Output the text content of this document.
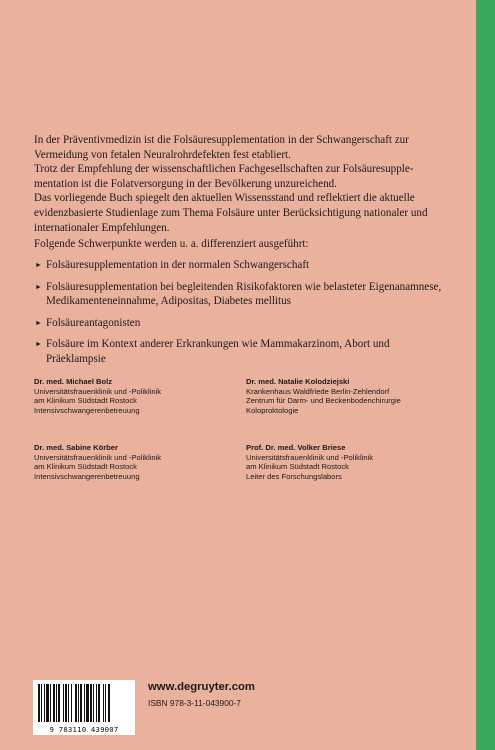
In der Präventivmedizin ist die Folsäuresupplementation in der Schwangerschaft zur Vermeidung von fetalen Neuralrohrdefekten fest etabliert.

Trotz der Empfehlung der wissenschaftlichen Fachgesellschaften zur Folsäuresupple-mentation ist die Folatversorgung in der Bevölkerung unzureichend.

Das vorliegende Buch spiegelt den aktuellen Wissensstand und reflektiert die aktuelle evidenzbasierte Studienlage zum Thema Folsäure unter Berücksichtigung nationaler und internationaler Empfehlungen.

Folgende Schwerpunkte werden u. a. differenziert ausgeführt:
► Folsäuresupplementation in der normalen Schwangerschaft
► Folsäuresupplementation bei begleitenden Risikofaktoren wie belasteter Eigenanamnese, Medikamenteneinnahme, Adipositas, Diabetes mellitus
► Folsäureantagonisten
► Folsäure im Kontext anderer Erkrankungen wie Mammakarzinom, Abort und Präeklampsie
Dr. med. Michael Bolz
Universitätsfrauenklinik und -Poliklinik
am Klinikum Südstadt Rostock
Intensivschwangerenbetreuung
Dr. med. Natalie Kolodziejski
Krankenhaus Waldfriede Berlin-Zehlendorf
Zentrum für Darm- und Beckenbodenchirurgie
Koloproktologie
Dr. med. Sabine Körber
Universitätsfrauenklinik und -Poliklinik
am Klinikum Südstadt Rostock
Intensivschwangerenbetreuung
Prof. Dr. med. Volker Briese
Universitätsfrauenklinik und -Poliklinik
am Klinikum Südstadt Rostock
Leiter des Forschungslabors
9 783110 439007
www.degruyter.com
ISBN 978-3-11-043900-7
